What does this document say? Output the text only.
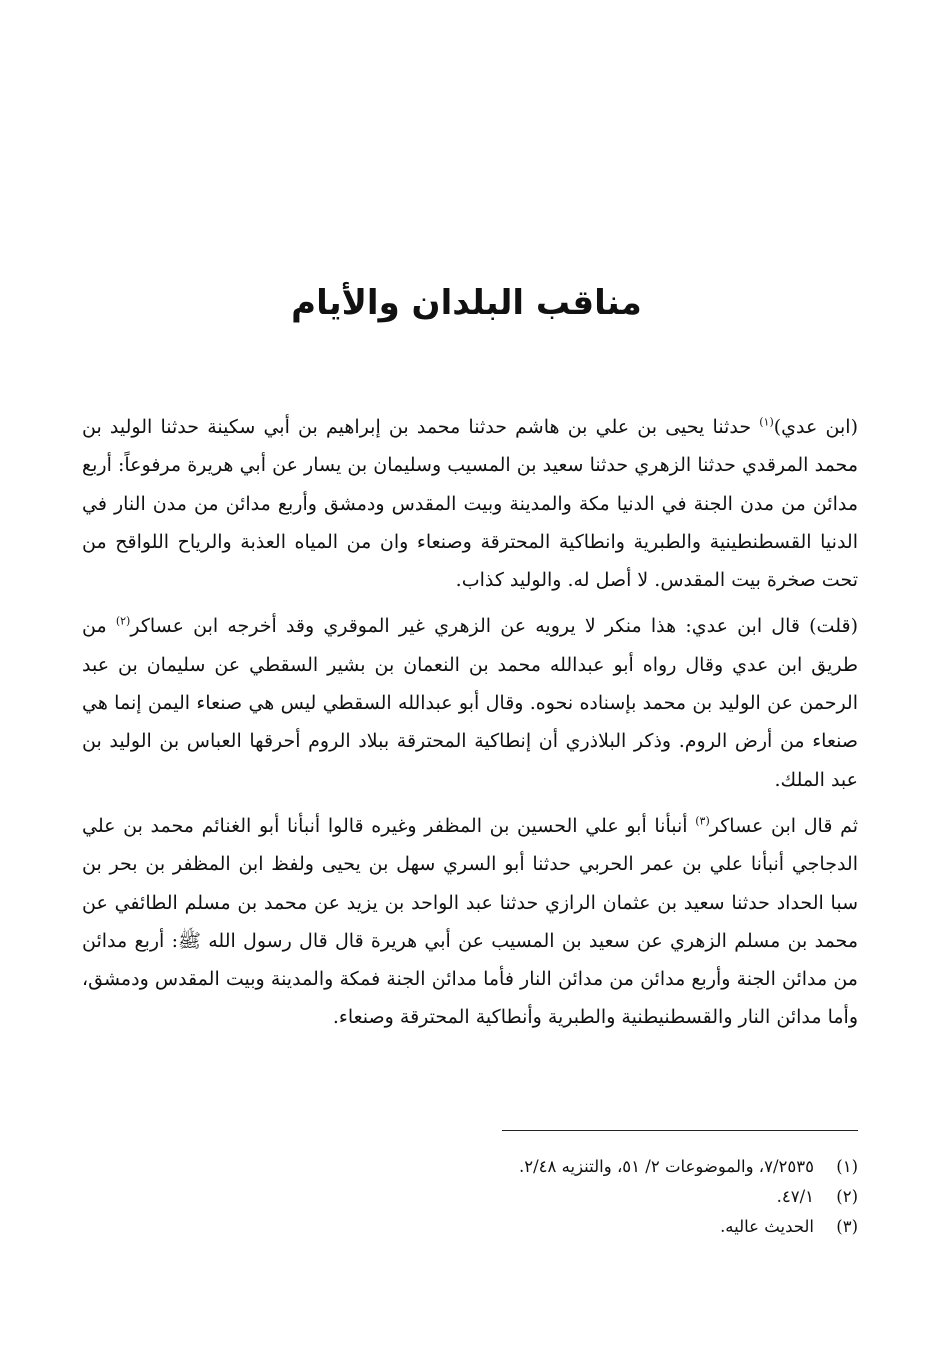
مناقب البلدان والأيام

(ابن عدي)$^{(١)}$ حدثنا يحيى بن علي بن هاشم حدثنا محمد بن إبراهيم بن أبي سكينة حدثنا الوليد بن محمد المرقدي حدثنا الزهري حدثنا سعيد بن المسيب وسليمان بن يسار عن أبي هريرة مرفوعاً: أربع مدائن من مدن الجنة في الدنيا مكة والمدينة وبيت المقدس ودمشق وأربع مدائن من مدن النار في الدنيا القسطنطينية والطبرية وانطاكية المحترقة وصنعاء وان من المياه العذبة والرياح اللواقح من تحت صخرة بيت المقدس. لا أصل له. والوليد كذاب.

(قلت) قال ابن عدي: هذا منكر لا يرويه عن الزهري غير الموقري وقد أخرجه ابن عساكر$^{(٢)}$ من طريق ابن عدي وقال رواه أبو عبدالله محمد بن النعمان بن بشير السقطي عن سليمان بن عبد الرحمن عن الوليد بن محمد بإسناده نحوه. وقال أبو عبدالله السقطي ليس هي صنعاء اليمن إنما هي صنعاء من أرض الروم. وذكر البلاذري أن إنطاكية المحترقة ببلاد الروم أحرقها العباس بن الوليد بن عبد الملك.

ثم قال ابن عساكر$^{(٣)}$ أنبأنا أبو علي الحسين بن المظفر وغيره قالوا أنبأنا أبو الغنائم محمد بن علي الدجاجي أنبأنا علي بن عمر الحربي حدثنا أبو السري سهل بن يحيى ولفظ ابن المظفر بن بحر بن سبا الحداد حدثنا سعيد بن عثمان الرازي حدثنا عبد الواحد بن يزيد عن محمد بن مسلم الطائفي عن محمد بن مسلم الزهري عن سعيد بن المسيب عن أبي هريرة قال قال رسول الله ﷺ: أربع مدائن من مدائن الجنة وأربع مدائن من مدائن النار فأما مدائن الجنة فمكة والمدينة وبيت المقدس ودمشق، وأما مدائن النار والقسطنيطنية والطبرية وأنطاكية المحترقة وصنعاء.

(١)
٧/٢٥٣٥، والموضوعات ٢/ ٥١، والتنزيه ٢/٤٨.
(٢)
٤٧/١.
(٣)
الحديث عاليه.
